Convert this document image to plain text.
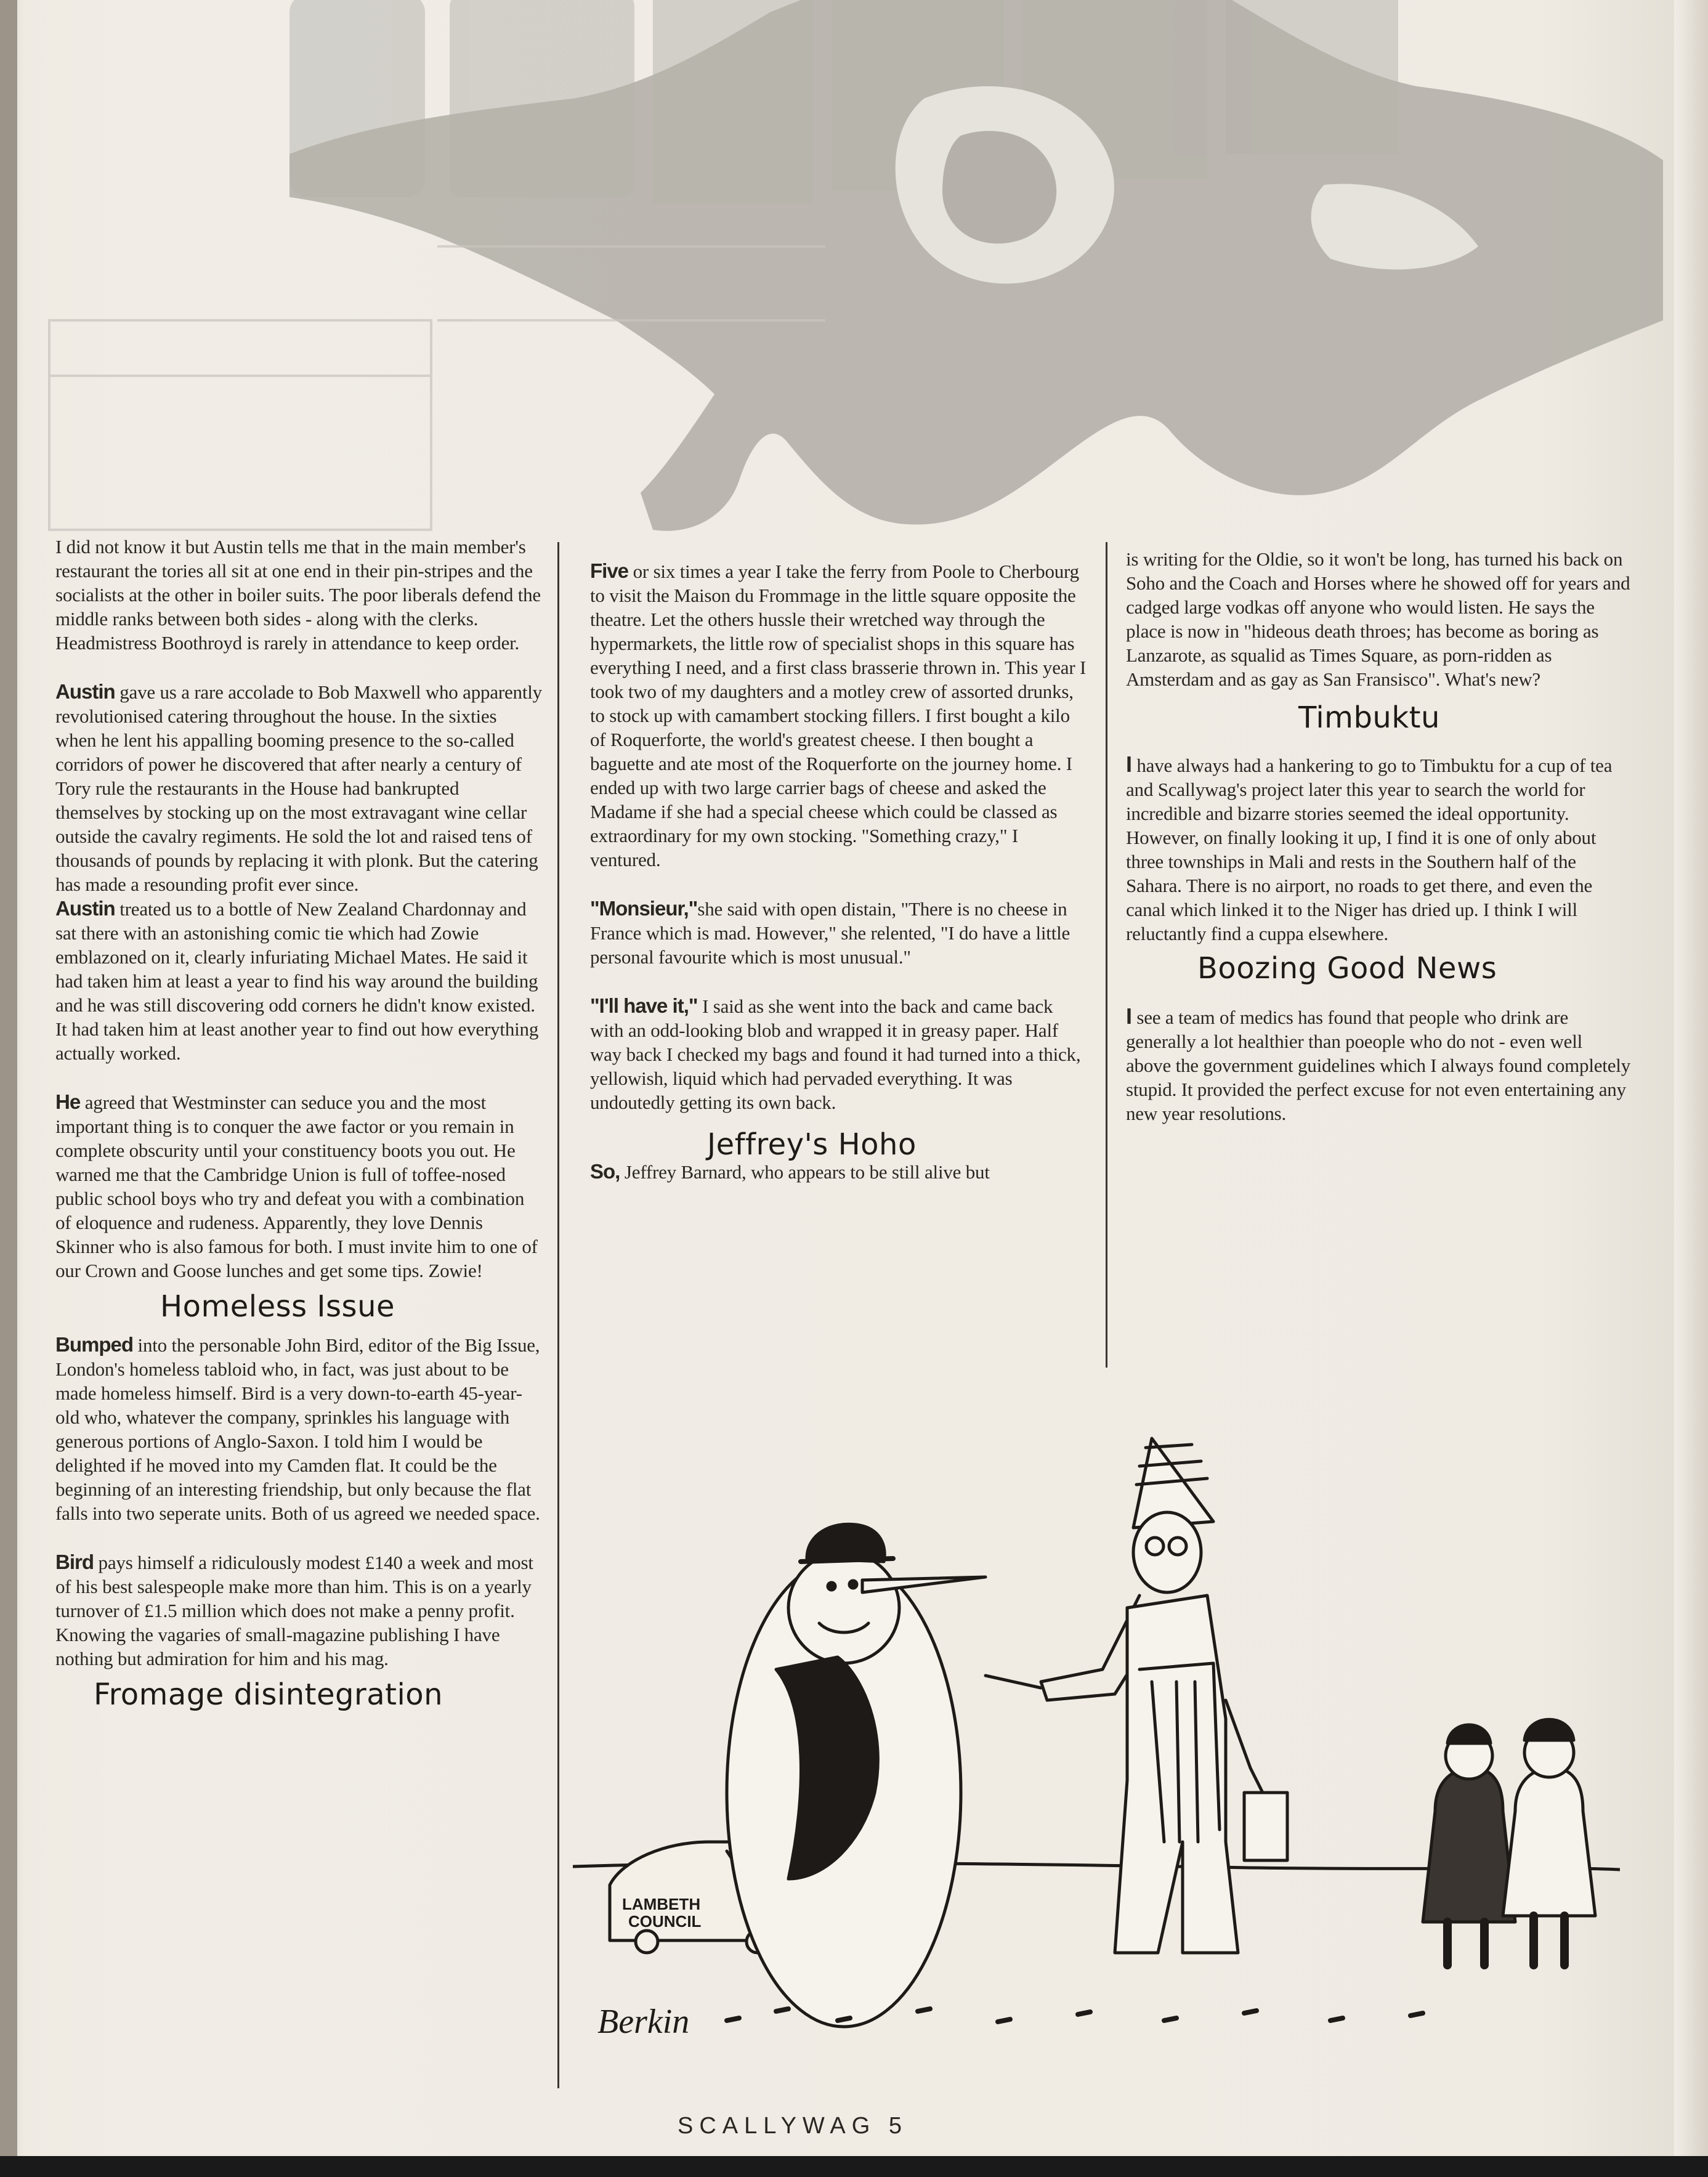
I did not know it but Austin tells me that in the main member's restaurant the tories all sit at one end in their pin-stripes and the socialists at the other in boiler suits. The poor liberals defend the middle ranks between both sides - along with the clerks. Headmistress Boothroyd is rarely in attendance to keep order.

Austin gave us a rare accolade to Bob Maxwell who apparently revolutionised catering throughout the house. In the sixties when he lent his appalling booming presence to the so-called corridors of power he discovered that after nearly a century of Tory rule the restaurants in the House had bankrupted themselves by stocking up on the most extravagant wine cellar outside the cavalry regiments. He sold the lot and raised tens of thousands of pounds by replacing it with plonk. But the catering has made a resounding profit ever since.

Austin treated us to a bottle of New Zealand Chardonnay and sat there with an astonishing comic tie which had Zowie emblazoned on it, clearly infuriating Michael Mates. He said it had taken him at least a year to find his way around the building and he was still discovering odd corners he didn't know existed. It had taken him at least another year to find out how everything actually worked.

He agreed that Westminster can seduce you and the most important thing is to conquer the awe factor or you remain in complete obscurity until your constituency boots you out. He warned me that the Cambridge Union is full of toffee-nosed public school boys who try and defeat you with a combination of eloquence and rudeness. Apparently, they love Dennis Skinner who is also famous for both. I must invite him to one of our Crown and Goose lunches and get some tips. Zowie!

Homeless Issue

Bumped into the personable John Bird, editor of the Big Issue, London's homeless tabloid who, in fact, was just about to be made homeless himself. Bird is a very down-to-earth 45-year-old who, whatever the company, sprinkles his language with generous portions of Anglo-Saxon. I told him I would be delighted if he moved into my Camden flat. It could be the beginning of an interesting friendship, but only because the flat falls into two seperate units. Both of us agreed we needed space.

Bird pays himself a ridiculously modest £140 a week and most of his best salespeople make more than him. This is on a yearly turnover of £1.5 million which does not make a penny profit. Knowing the vagaries of small-magazine publishing I have nothing but admiration for him and his mag.

Fromage disintegration

Five or six times a year I take the ferry from Poole to Cherbourg to visit the Maison du Frommage in the little square opposite the theatre. Let the others hussle their wretched way through the hypermarkets, the little row of specialist shops in this square has everything I need, and a first class brasserie thrown in. This year I took two of my daughters and a motley crew of assorted drunks, to stock up with camambert stocking fillers. I first bought a kilo of Roquerforte, the world's greatest cheese. I then bought a baguette and ate most of the Roquerforte on the journey home. I ended up with two large carrier bags of cheese and asked the Madame if she had a special cheese which could be classed as extraordinary for my own stocking. "Something crazy," I ventured.

"Monsieur,"she said with open distain, "There is no cheese in France which is mad. However," she relented, "I do have a little personal favourite which is most unusual."

"I'll have it," I said as she went into the back and came back with an odd-looking blob and wrapped it in greasy paper. Half way back I checked my bags and found it had turned into a thick, yellowish, liquid which had pervaded everything. It was undoutedly getting its own back.

Jeffrey's Hoho

So, Jeffrey Barnard, who appears to be still alive but

is writing for the Oldie, so it won't be long, has turned his back on Soho and the Coach and Horses where he showed off for years and cadged large vodkas off anyone who would listen. He says the place is now in "hideous death throes; has become as boring as Lanzarote, as squalid as Times Square, as porn-ridden as Amsterdam and as gay as San Fransisco". What's new?

Timbuktu

I have always had a hankering to go to Timbuktu for a cup of tea and Scallywag's project later this year to search the world for incredible and bizarre stories seemed the ideal opportunity. However, on finally looking it up, I find it is one of only about three townships in Mali and rests in the Southern half of the Sahara. There is no airport, no roads to get there, and even the canal which linked it to the Niger has dried up. I think I will reluctantly find a cuppa elsewhere.

Boozing Good News

I see a team of medics has found that people who drink are generally a lot healthier than poeople who do not - even well above the government guidelines which I always found completely stupid. It provided the perfect excuse for not even entertaining any new year resolutions.

LAMBETH
COUNCIL
Berkin
SCALLYWAG 5
